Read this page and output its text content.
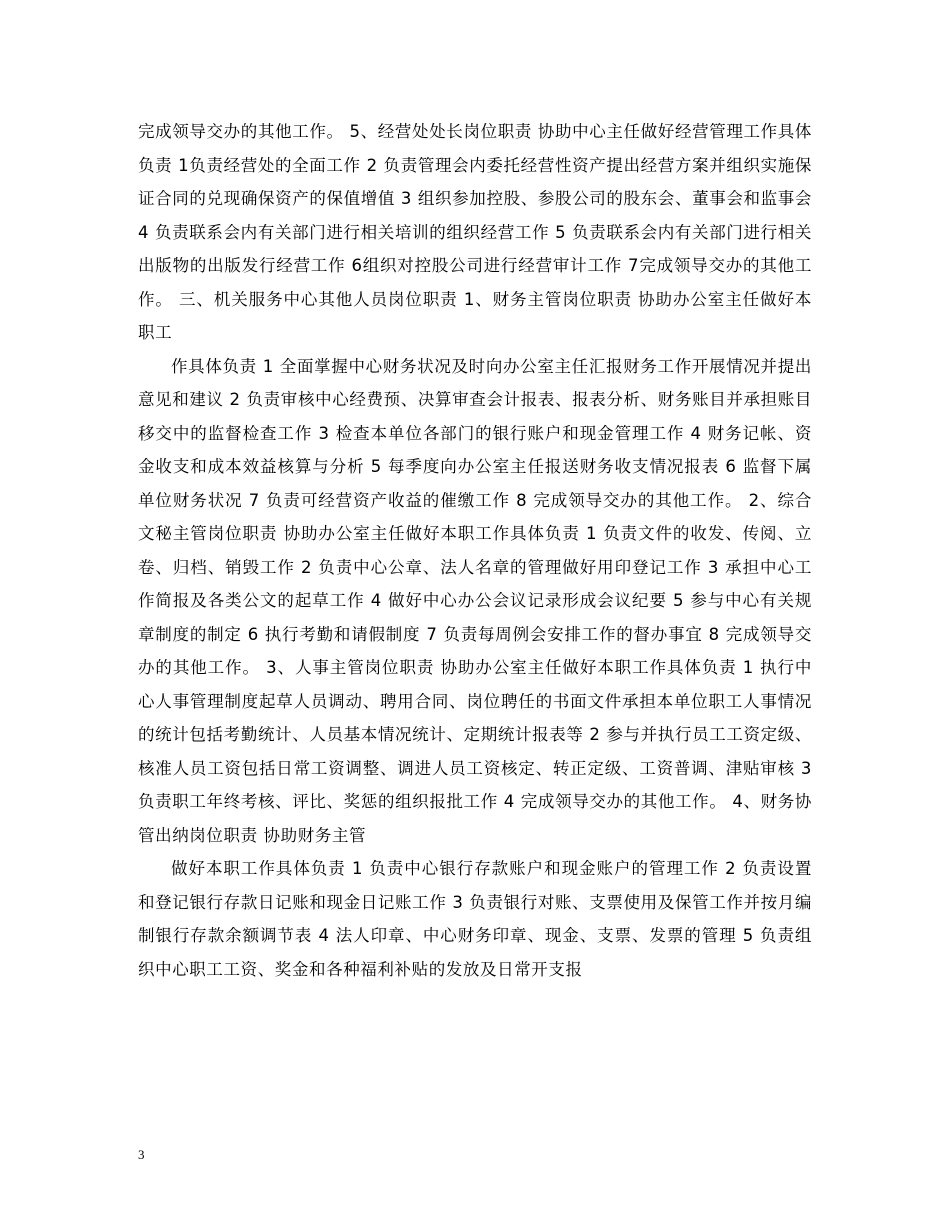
完成领导交办的其他工作。 5、经营处处长岗位职责 协助中心主任做好经营管理工作具体负责 1负责经营处的全面工作 2 负责管理会内委托经营性资产提出经营方案并组织实施保证合同的兑现确保资产的保值增值 3 组织参加控股、参股公司的股东会、董事会和监事会 4 负责联系会内有关部门进行相关培训的组织经营工作 5 负责联系会内有关部门进行相关出版物的出版发行经营工作 6组织对控股公司进行经营审计工作 7完成领导交办的其他工作。 三、机关服务中心其他人员岗位职责 1、财务主管岗位职责 协助办公室主任做好本职工

作具体负责 1 全面掌握中心财务状况及时向办公室主任汇报财务工作开展情况并提出意见和建议 2 负责审核中心经费预、决算审查会计报表、报表分析、财务账目并承担账目移交中的监督检查工作 3 检查本单位各部门的银行账户和现金管理工作 4 财务记帐、资金收支和成本效益核算与分析 5 每季度向办公室主任报送财务收支情况报表 6 监督下属单位财务状况 7 负责可经营资产收益的催缴工作 8 完成领导交办的其他工作。 2、综合文秘主管岗位职责 协助办公室主任做好本职工作具体负责 1 负责文件的收发、传阅、立卷、归档、销毁工作 2 负责中心公章、法人名章的管理做好用印登记工作 3 承担中心工作简报及各类公文的起草工作 4 做好中心办公会议记录形成会议纪要 5 参与中心有关规章制度的制定 6 执行考勤和请假制度 7 负责每周例会安排工作的督办事宜 8 完成领导交办的其他工作。 3、人事主管岗位职责 协助办公室主任做好本职工作具体负责 1 执行中心人事管理制度起草人员调动、聘用合同、岗位聘任的书面文件承担本单位职工人事情况的统计包括考勤统计、人员基本情况统计、定期统计报表等 2 参与并执行员工工资定级、核准人员工资包括日常工资调整、调进人员工资核定、转正定级、工资普调、津贴审核 3 负责职工年终考核、评比、奖惩的组织报批工作 4 完成领导交办的其他工作。 4、财务协管出纳岗位职责 协助财务主管

做好本职工作具体负责 1 负责中心银行存款账户和现金账户的管理工作 2 负责设置和登记银行存款日记账和现金日记账工作 3 负责银行对账、支票使用及保管工作并按月编制银行存款余额调节表 4 法人印章、中心财务印章、现金、支票、发票的管理 5 负责组织中心职工工资、奖金和各种福利补贴的发放及日常开支报

3
